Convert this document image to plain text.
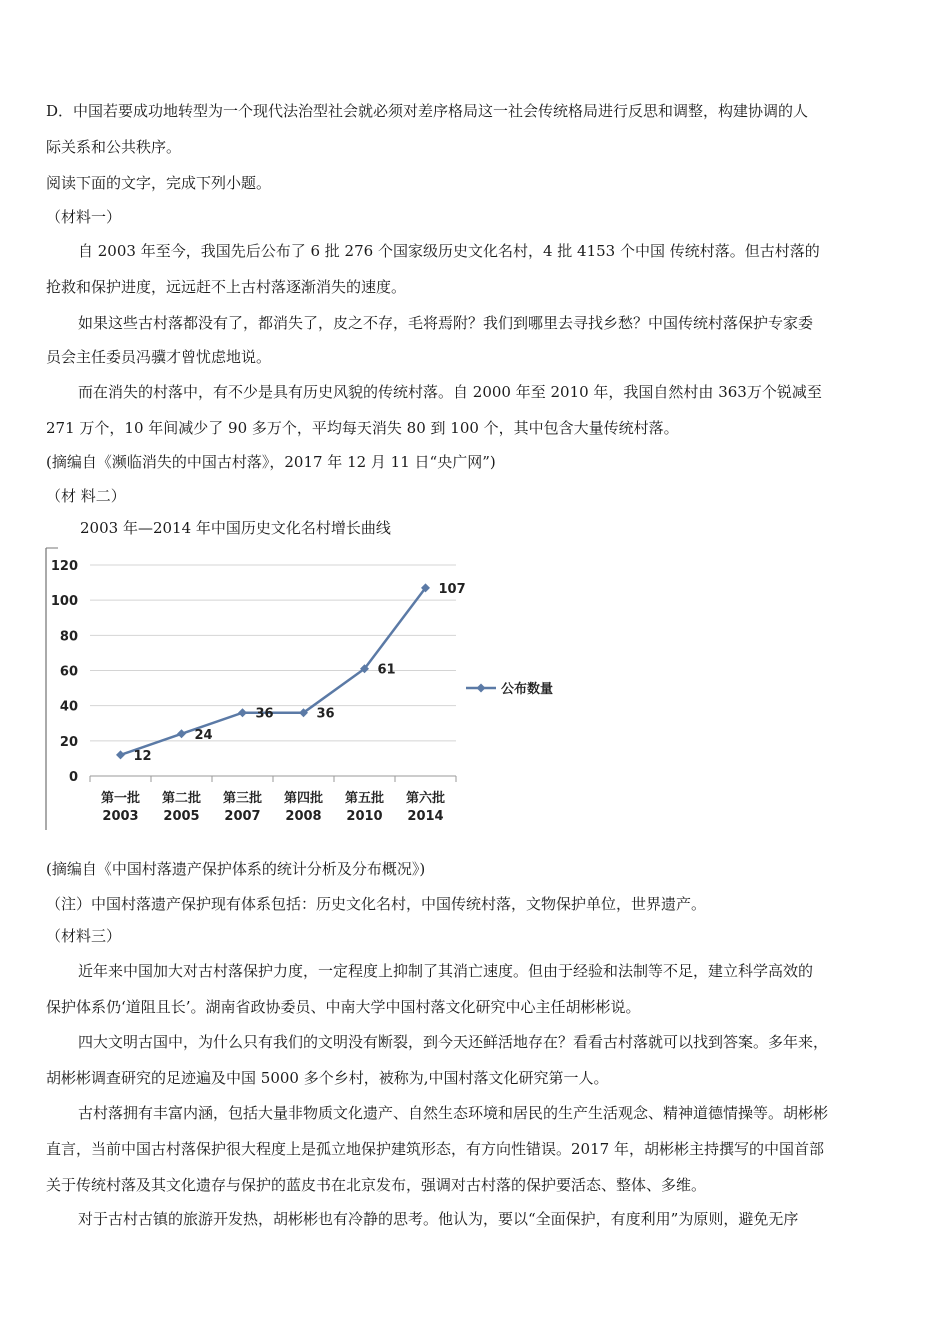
D．中国若要成功地转型为一个现代法治型社会就必须对差序格局这一社会传统格局进行反思和调整，构建协调的人
际关系和公共秩序。
阅读下面的文字，完成下列小题。
（材料一）
自 2003 年至今，我国先后公布了 6 批 276 个国家级历史文化名村，4 批 4153 个中国 传统村落。但古村落的
抢救和保护进度，远远赶不上古村落逐渐消失的速度。
如果这些古村落都没有了，都消失了，皮之不存，毛将焉附？我们到哪里去寻找乡愁？中国传统村落保护专家委
员会主任委员冯骥才曾忧虑地说。
而在消失的村落中，有不少是具有历史风貌的传统村落。自 2000 年至 2010 年，我国自然村由 363万个锐减至
271 万个，10 年间减少了 90 多万个，平均每天消失 80 到 100 个，其中包含大量传统村落。
(摘编自《濒临消失的中国古村落》，2017 年 12 月 11 日“央广网”)
（材 料二）
2003 年—2014 年中国历史文化名村增长曲线
0
20
40
60
80
100
120
第一批
2003
第二批
2005
第三批
2007
第四批
2008
第五批
2010
第六批
2014
12
24
36	36
61
107
公布数量
(摘编自《中国村落遗产保护体系的统计分析及分布概况》)
（注）中国村落遗产保护现有体系包括：历史文化名村，中国传统村落，文物保护单位，世界遗产。
（材料三）
近年来中国加大对古村落保护力度，一定程度上抑制了其消亡速度。但由于经验和法制等不足，建立科学高效的
保护体系仍‘道阻且长’。湖南省政协委员、中南大学中国村落文化研究中心主任胡彬彬说。
四大文明古国中，为什么只有我们的文明没有断裂，到今天还鲜活地存在？看看古村落就可以找到答案。多年来，
胡彬彬调查研究的足迹遍及中国 5000 多个乡村，被称为,中国村落文化研究第一人。
古村落拥有丰富内涵，包括大量非物质文化遗产、自然生态环境和居民的生产生活观念、精神道德情操等。胡彬彬
直言，当前中国古村落保护很大程度上是孤立地保护建筑形态，有方向性错误。2017 年，胡彬彬主持撰写的中国首部
关于传统村落及其文化遗存与保护的蓝皮书在北京发布，强调对古村落的保护要活态、整体、多维。
对于古村古镇的旅游开发热，胡彬彬也有冷静的思考。他认为，要以“全面保护，有度利用”为原则，避免无序
